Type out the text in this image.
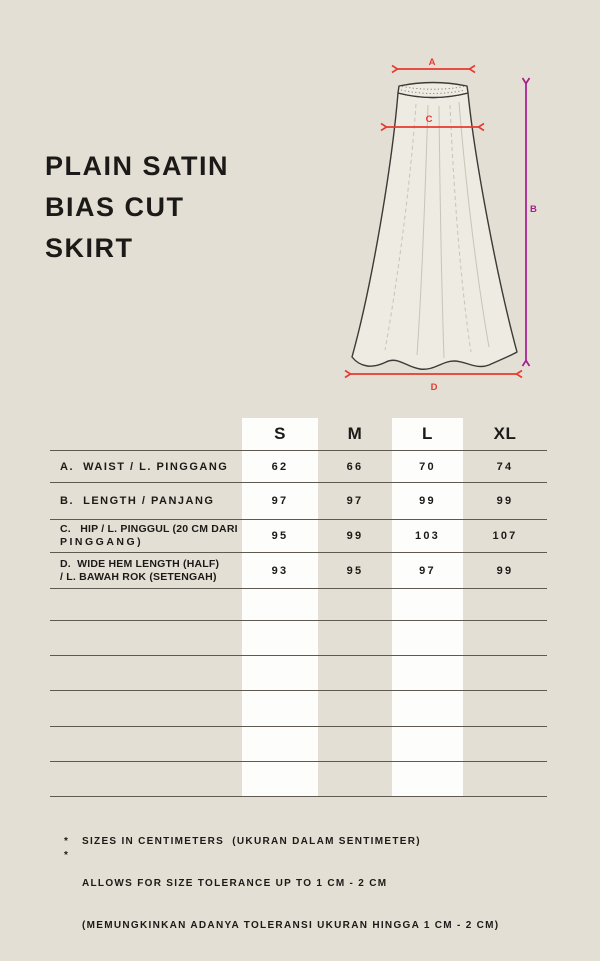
PLAIN SATIN
BIAS CUT
SKIRT
A
C
D
B
S	M	L	XL
A.  WAIST / L. PINGGANG	62	66	70	74
B.  LENGTH / PANJANG	97	97	99	99
C.   HIP / L. PINGGUL (20 CM DARI
PINGGANG)	95	99	103	107
D.  WIDE HEM LENGTH (HALF)
/ L. BAWAH ROK (SETENGAH)	93	95	97	99
*	SIZES IN CENTIMETERS  (UKURAN DALAM SENTIMETER)
*

ALLOWS FOR SIZE TOLERANCE UP TO 1 CM - 2 CM

(MEMUNGKINKAN ADANYA TOLERANSI UKURAN HINGGA 1 CM - 2 CM)
